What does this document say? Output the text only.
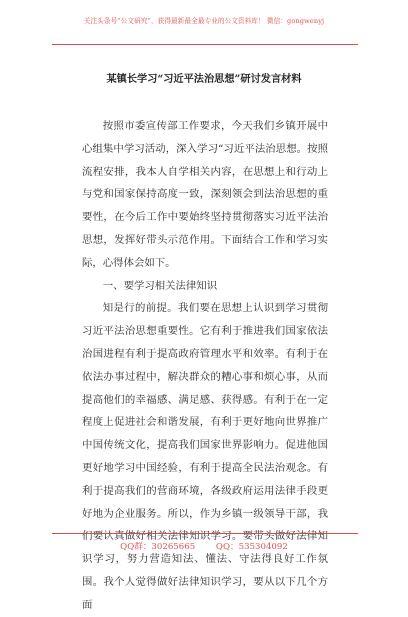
关注头条号“公文研究”，获得最新最全最专业的公文资料库！ 微信：gongwenyj
某镇长学习“习近平法治思想”研讨发言材料

按照市委宣传部工作要求，今天我们乡镇开展中心组集中学习活动，深入学习“习近平法治思想。按照流程安排，我本人自学相关内容，在思想上和行动上与党和国家保持高度一致，深刻领会到法治思想的重要性，在今后工作中要始终坚持贯彻落实习近平法治思想，发挥好带头示范作用。下面结合工作和学习实际，心得体会如下。

一、要学习相关法律知识

知是行的前提。我们要在思想上认识到学习贯彻习近平法治思想重要性。它有利于推进我们国家依法治国进程有利于提高政府管理水平和效率。有利于在依法办事过程中，解决群众的糟心事和烦心事，从而提高他们的幸福感、满足感、获得感。有利于在一定程度上促进社会和谐发展，有利于更好地向世界推广中国传统文化，提高我们国家世界影响力。促进他国更好地学习中国经验，有利于提高全民法治观念。有利于提高我们的营商环境，各级政府运用法律手段更好地为企业服务。所以，作为乡镇一级领导干部，我们要认真做好相关法律知识学习。要带头做好法律知识学习，努力营造知法、懂法、守法得良好工作氛围。我个人觉得做好法律知识学习，要从以下几个方面

QQ群：30265665 QQ：535304092
